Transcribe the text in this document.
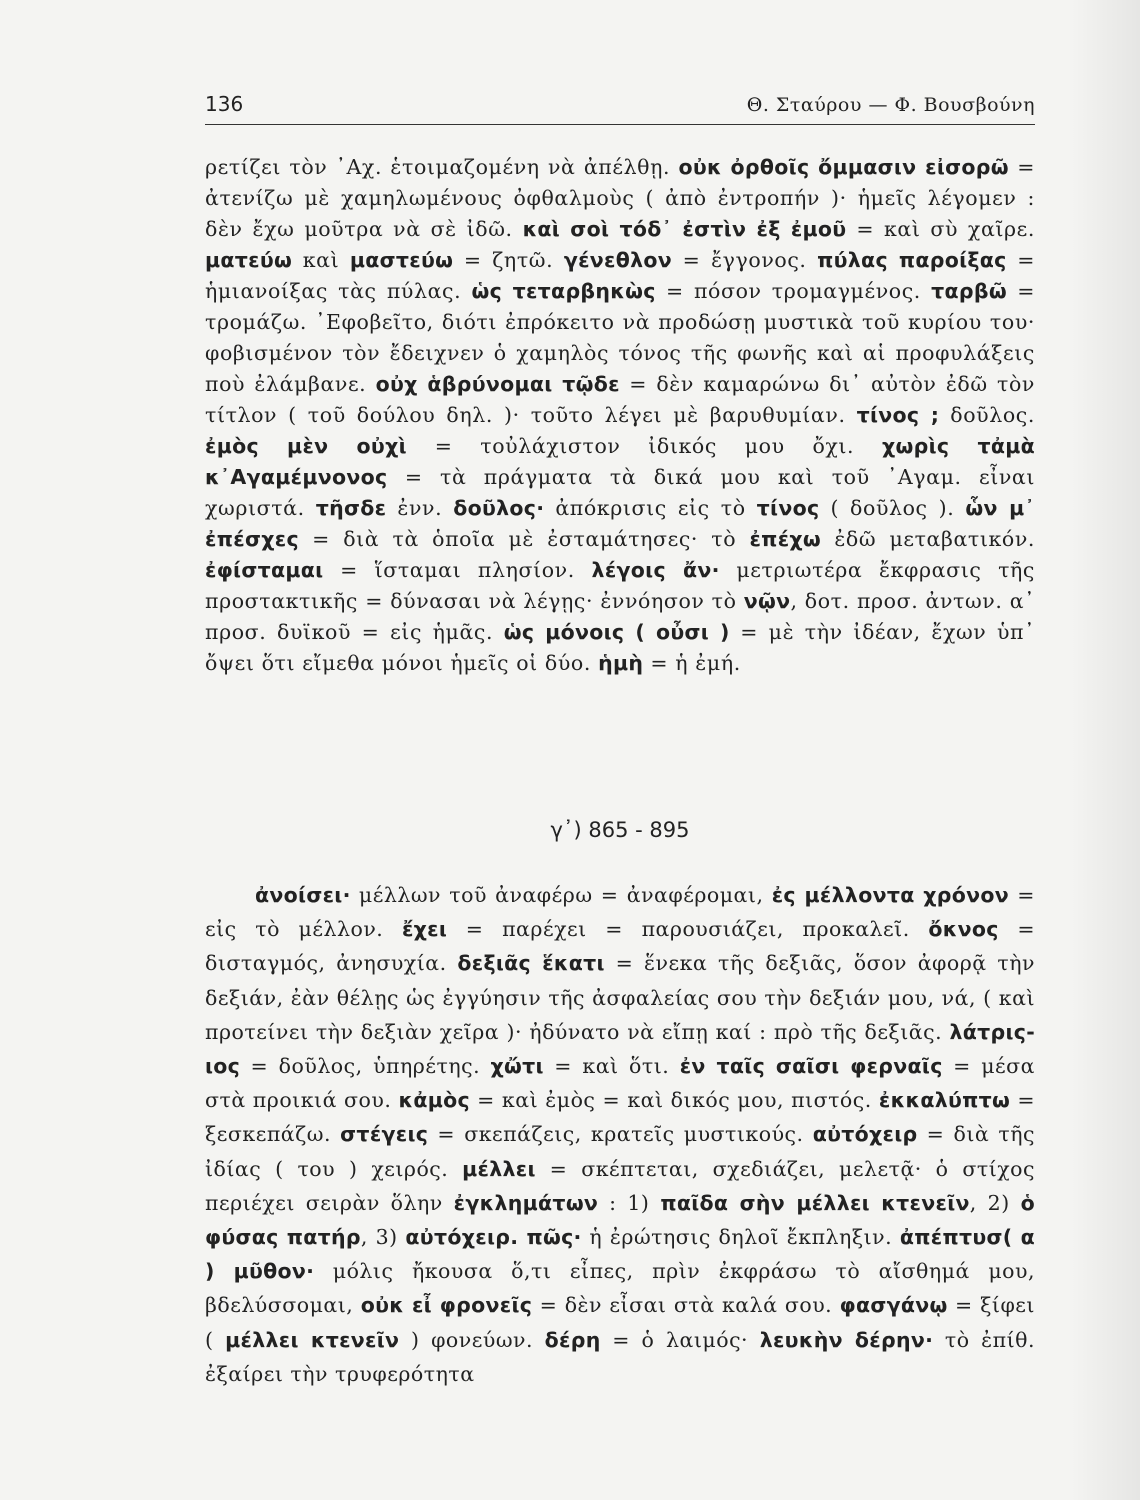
136	Θ. Σταύρου — Φ. Βουσβούνη

ρετίζει τὸν ᾿Αχ. ἑτοιμαζομένη νὰ ἀπέλθῃ. οὐκ ὀρθοῖς ὄμμασιν εἰσορῶ = ἀτενίζω μὲ χαμηλωμένους ὀφθαλμοὺς ( ἀπὸ ἐντροπήν )· ἡμεῖς λέγομεν : δὲν ἔχω μοῦτρα νὰ σὲ ἰδῶ. καὶ σοὶ τόδ᾿ ἐστὶν ἐξ ἐμοῦ = καὶ σὺ χαῖρε. ματεύω καὶ μαστεύω = ζητῶ. γένεθλον = ἔγγονος. πύλας παροίξας = ἡμιανοίξας τὰς πύλας. ὡς τεταρβηκὼς = πόσον τρομαγμένος. ταρβῶ = τρομάζω. ᾿Εφοβεῖτο, διότι ἐπρόκειτο νὰ προδώσῃ μυστικὰ τοῦ κυρίου του· φοβισμένον τὸν ἔδειχνεν ὁ χαμηλὸς τόνος τῆς φωνῆς καὶ αἱ προφυλάξεις ποὺ ἐλάμβανε. οὐχ ἁβρύνομαι τῷδε = δὲν καμαρώνω δι᾿ αὐτὸν ἐδῶ τὸν τίτλον ( τοῦ δούλου δηλ. )· τοῦτο λέγει μὲ βαρυθυμίαν. τίνος ; δοῦλος. ἐμὸς μὲν οὐχὶ = τοὐλάχιστον ἰδικός μου ὄχι. χωρὶς τἀμὰ κ᾿Αγαμέμνονος = τὰ πράγματα τὰ δικά μου καὶ τοῦ ᾿Αγαμ. εἶναι χωριστά. τῆσδε ἐνν. δοῦλος· ἀπόκρισις εἰς τὸ τίνος ( δοῦλος ). ὧν μ᾿ ἐπέσχες = διὰ τὰ ὁποῖα μὲ ἐσταμάτησες· τὸ ἐπέχω ἐδῶ μεταβατικόν. ἐφίσταμαι = ἵσταμαι πλησίον. λέγοις ἄν· μετριωτέρα ἔκφρασις τῆς προστακτικῆς = δύνασαι νὰ λέγῃς· ἐννόησον τὸ νῷν, δοτ. προσ. ἀντων. α᾿ προσ. δυϊκοῦ = εἰς ἡμᾶς. ὡς μόνοις ( οὖσι ) = μὲ τὴν ἰδέαν, ἔχων ὑπ᾿ ὄψει ὅτι εἴμεθα μόνοι ἡμεῖς οἱ δύο. ἡμὴ = ἡ ἐμή.

γ᾿) 865 - 895

ἀνοίσει· μέλλων τοῦ ἀναφέρω = ἀναφέρομαι, ἐς μέλλοντα χρόνον = εἰς τὸ μέλλον. ἔχει = παρέχει = παρουσιάζει, προκαλεῖ. ὄκνος = δισταγμός, ἀνησυχία. δεξιᾶς ἕκατι = ἕνεκα τῆς δεξιᾶς, ὅσον ἀφορᾷ τὴν δεξιάν, ἐὰν θέλῃς ὡς ἐγγύησιν τῆς ἀσφαλείας σου τὴν δεξιάν μου, νά, ( καὶ προτείνει τὴν δεξιὰν χεῖρα )· ἠδύνατο νὰ εἴπῃ καί : πρὸ τῆς δεξιᾶς. λάτρις-ιος = δοῦλος, ὑπηρέτης. χὤτι = καὶ ὅτι. ἐν ταῖς σαῖσι φερναῖς = μέσα στὰ προικιά σου. κἀμὸς = καὶ ἐμὸς = καὶ δικός μου, πιστός. ἐκκαλύπτω = ξεσκεπάζω. στέγεις = σκεπάζεις, κρατεῖς μυστικούς. αὐτόχειρ = διὰ τῆς ἰδίας ( του ) χειρός. μέλλει = σκέπτεται, σχεδιάζει, μελετᾷ· ὁ στίχος περιέχει σειρὰν ὅλην ἐγκλημάτων : 1) παῖδα σὴν μέλλει κτενεῖν, 2) ὁ φύσας πατήρ, 3) αὐτόχειρ. πῶς· ἡ ἐρώτησις δηλοῖ ἔκπληξιν. ἀπέπτυσ( α ) μῦθον· μόλις ἤκουσα ὅ,τι εἶπες, πρὶν ἐκφράσω τὸ αἴσθημά μου, βδελύσσομαι, οὐκ εἶ φρονεῖς = δὲν εἶσαι στὰ καλά σου. φασγάνῳ = ξίφει ( μέλλει κτενεῖν ) φονεύων. δέρη = ὁ λαιμός· λευκὴν δέρην· τὸ ἐπίθ. ἐξαίρει τὴν τρυφερότητα
